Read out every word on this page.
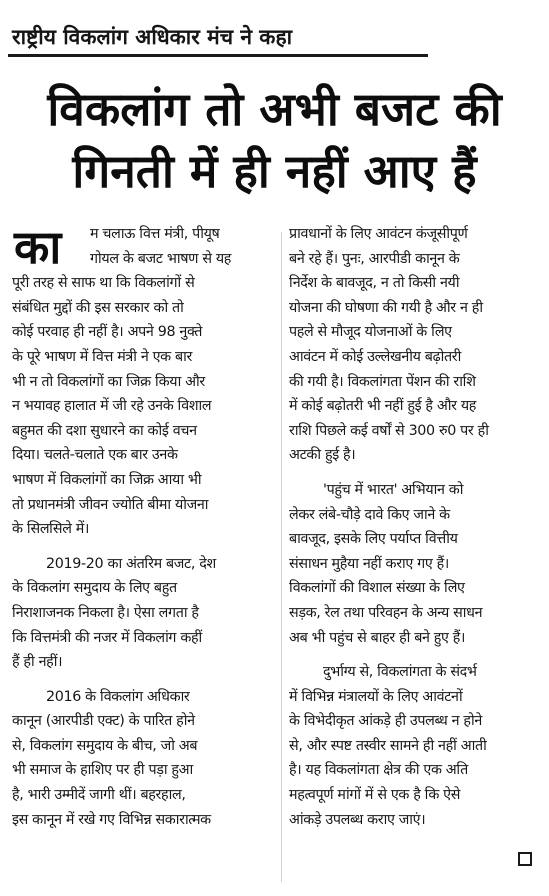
राष्ट्रीय विकलांग अधिकार मंच ने कहा
विकलांग तो अभी बजट की
गिनती में ही नहीं आए हैं
का	म चलाऊ वित्त मंत्री, पीयूष
गोयल के बजट भाषण से यह
पूरी तरह से साफ था कि विकलांगों से
संबंधित मुद्दों की इस सरकार को तो
कोई परवाह ही नहीं है। अपने 98 नुक्ते
के पूरे भाषण में वित्त मंत्री ने एक बार
भी न तो विकलांगों का जिक्र किया और
न भयावह हालात में जी रहे उनके विशाल
बहुमत की दशा सुधारने का कोई वचन
दिया। चलते-चलाते एक बार उनके
भाषण में विकलांगों का जिक्र आया भी
तो प्रधानमंत्री जीवन ज्योति बीमा योजना
के सिलसिले में।
2019-20 का अंतरिम बजट, देश
के विकलांग समुदाय के लिए बहुत
निराशाजनक निकला है। ऐसा लगता है
कि वित्तमंत्री की नजर में विकलांग कहीं
हैं ही नहीं।
2016 के विकलांग अधिकार
कानून (आरपीडी एक्ट) के पारित होने
से, विकलांग समुदाय के बीच, जो अब
भी समाज के हाशिए पर ही पड़ा हुआ
है, भारी उम्मीदें जागी थीं। बहरहाल,
इस कानून में रखे गए विभिन्न सकारात्मक
प्रावधानों के लिए आवंटन कंजूसीपूर्ण
बने रहे हैं। पुनः, आरपीडी कानून के
निर्देश के बावजूद, न तो किसी नयी
योजना की घोषणा की गयी है और न ही
पहले से मौजूद योजनाओं के लिए
आवंटन में कोई उल्लेखनीय बढ़ोतरी
की गयी है। विकलांगता पेंशन की राशि
में कोई बढ़ोतरी भी नहीं हुई है और यह
राशि पिछले कई वर्षों से 300 रु0 पर ही
अटकी हुई है।
'पहुंच में भारत' अभियान को
लेकर लंबे-चौड़े दावे किए जाने के
बावजूद, इसके लिए पर्याप्त वित्तीय
संसाधन मुहैया नहीं कराए गए हैं।
विकलांगों की विशाल संख्या के लिए
सड़क, रेल तथा परिवहन के अन्य साधन
अब भी पहुंच से बाहर ही बने हुए हैं।
दुर्भाग्य से, विकलांगता के संदर्भ
में विभिन्न मंत्रालयों के लिए आवंटनों
के विभेदीकृत आंकड़े ही उपलब्ध न होने
से, और स्पष्ट तस्वीर सामने ही नहीं आती
है। यह विकलांगता क्षेत्र की एक अति
महत्वपूर्ण मांगों में से एक है कि ऐसे
आंकड़े उपलब्ध कराए जाएं।
